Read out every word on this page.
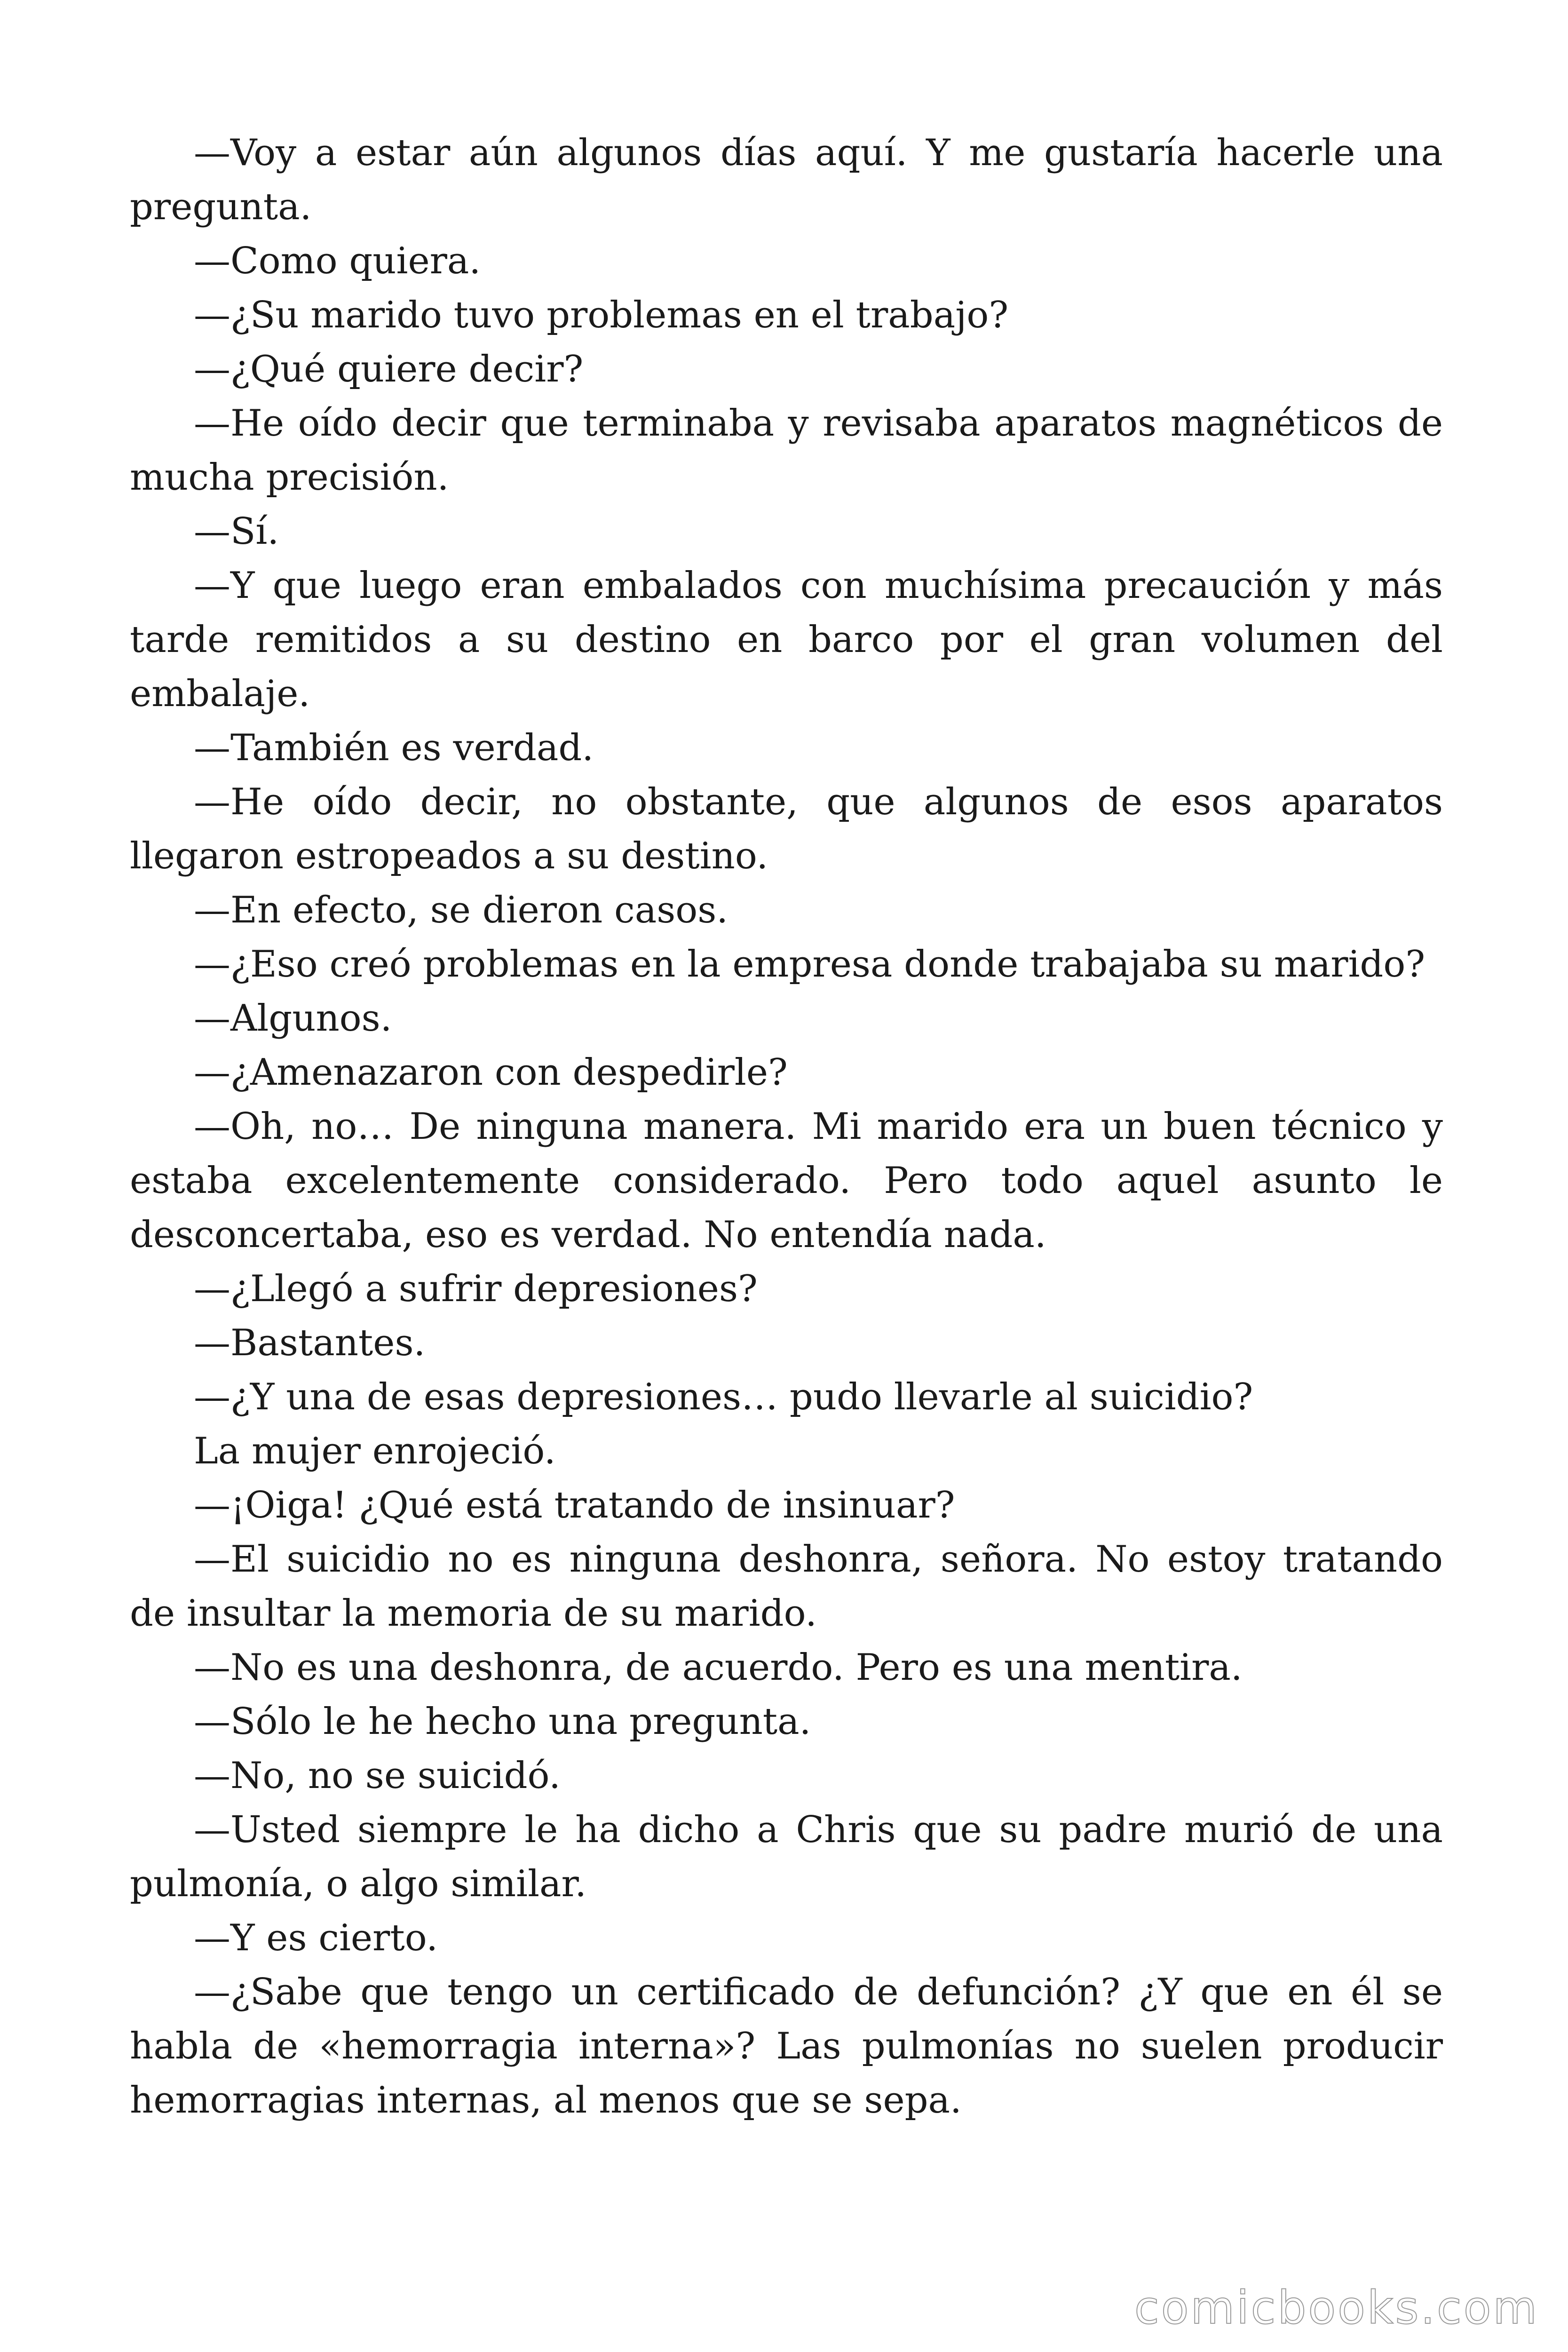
—Voy a estar aún algunos días aquí. Y me gustaría hacerle una pregunta.

—Como quiera.

—¿Su marido tuvo problemas en el trabajo?

—¿Qué quiere decir?

—He oído decir que terminaba y revisaba aparatos magnéticos de mucha precisión.

—Sí.

—Y que luego eran embalados con muchísima precaución y más tarde remitidos a su destino en barco por el gran volumen del embalaje.

—También es verdad.

—He oído decir, no obstante, que algunos de esos aparatos llegaron estropeados a su destino.

—En efecto, se dieron casos.

—¿Eso creó problemas en la empresa donde trabajaba su marido?

—Algunos.

—¿Amenazaron con despedirle?

—Oh, no… De ninguna manera. Mi marido era un buen técnico y estaba excelentemente considerado. Pero todo aquel asunto le desconcertaba, eso es verdad. No entendía nada.

—¿Llegó a sufrir depresiones?

—Bastantes.

—¿Y una de esas depresiones… pudo llevarle al suicidio?

La mujer enrojeció.

—¡Oiga! ¿Qué está tratando de insinuar?

—El suicidio no es ninguna deshonra, señora. No estoy tratando de insultar la memoria de su marido.

—No es una deshonra, de acuerdo. Pero es una mentira.

—Sólo le he hecho una pregunta.

—No, no se suicidó.

—Usted siempre le ha dicho a Chris que su padre murió de una pulmonía, o algo similar.

—Y es cierto.

—¿Sabe que tengo un certificado de defunción? ¿Y que en él se habla de «hemorragia interna»? Las pulmonías no suelen producir hemorragias internas, al menos que se sepa.

comicbooks.com
